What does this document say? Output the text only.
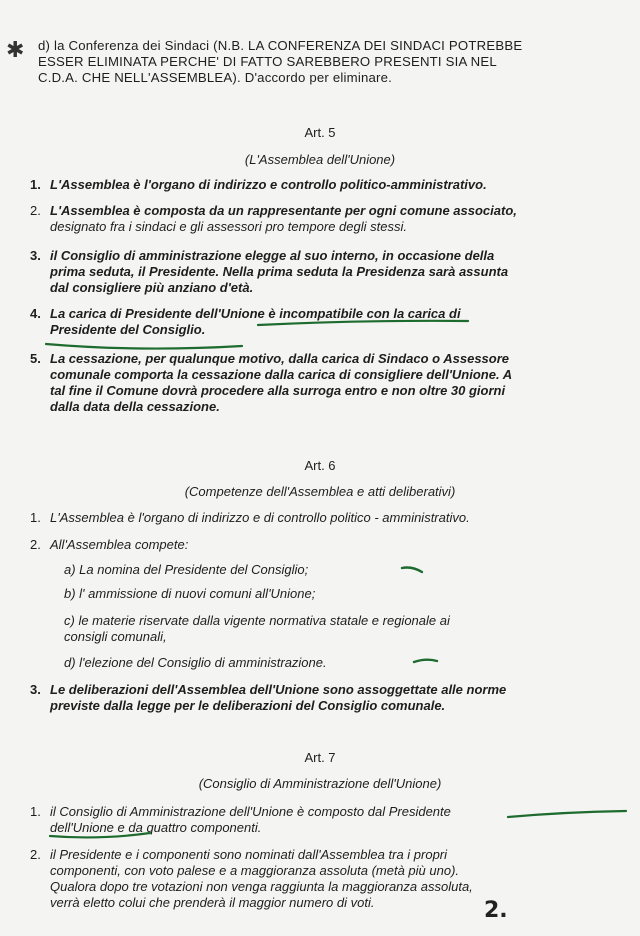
✱ d) la Conferenza dei Sindaci (N.B. LA CONFERENZA DEI SINDACI POTREBBE
ESSER ELIMINATA PERCHE' DI FATTO SAREBBERO PRESENTI SIA NEL
C.D.A. CHE NELL'ASSEMBLEA). D'accordo per eliminare.
Art. 5
(L'Assemblea dell'Unione)
1. L'Assemblea è l'organo di indirizzo e controllo politico-amministrativo.
2. L'Assemblea è composta da un rappresentante per ogni comune associato,
designato fra i sindaci e gli assessori pro tempore degli stessi.
3. il Consiglio di amministrazione elegge al suo interno, in occasione della
prima seduta, il Presidente. Nella prima seduta la Presidenza sarà assunta
dal consigliere più anziano d'età.
4. La carica di Presidente dell'Unione è incompatibile con la carica di
Presidente del Consiglio.
5. La cessazione, per qualunque motivo, dalla carica di Sindaco o Assessore
comunale comporta la cessazione dalla carica di consigliere dell'Unione. A
tal fine il Comune dovrà procedere alla surroga entro e non oltre 30 giorni
dalla data della cessazione.
Art. 6
(Competenze dell'Assemblea e atti deliberativi)
1. L'Assemblea è l'organo di indirizzo e di controllo politico - amministrativo.
2. All'Assemblea compete:
a) La nomina del Presidente del Consiglio;
b) l' ammissione di nuovi comuni all'Unione;
c) le materie riservate dalla vigente normativa statale e regionale ai
consigli comunali,
d) l'elezione del Consiglio di amministrazione.
3. Le deliberazioni dell'Assemblea dell'Unione sono assoggettate alle norme
previste dalla legge per le deliberazioni del Consiglio comunale.
Art. 7
(Consiglio di Amministrazione dell'Unione)
1. il Consiglio di Amministrazione dell'Unione è composto dal Presidente
dell'Unione e da quattro componenti.
2. il Presidente e i componenti sono nominati dall'Assemblea tra i propri
componenti, con voto palese e a maggioranza assoluta (metà più uno).
Qualora dopo tre votazioni non venga raggiunta la maggioranza assoluta,
verrà eletto colui che prenderà il maggior numero di voti.	2.
